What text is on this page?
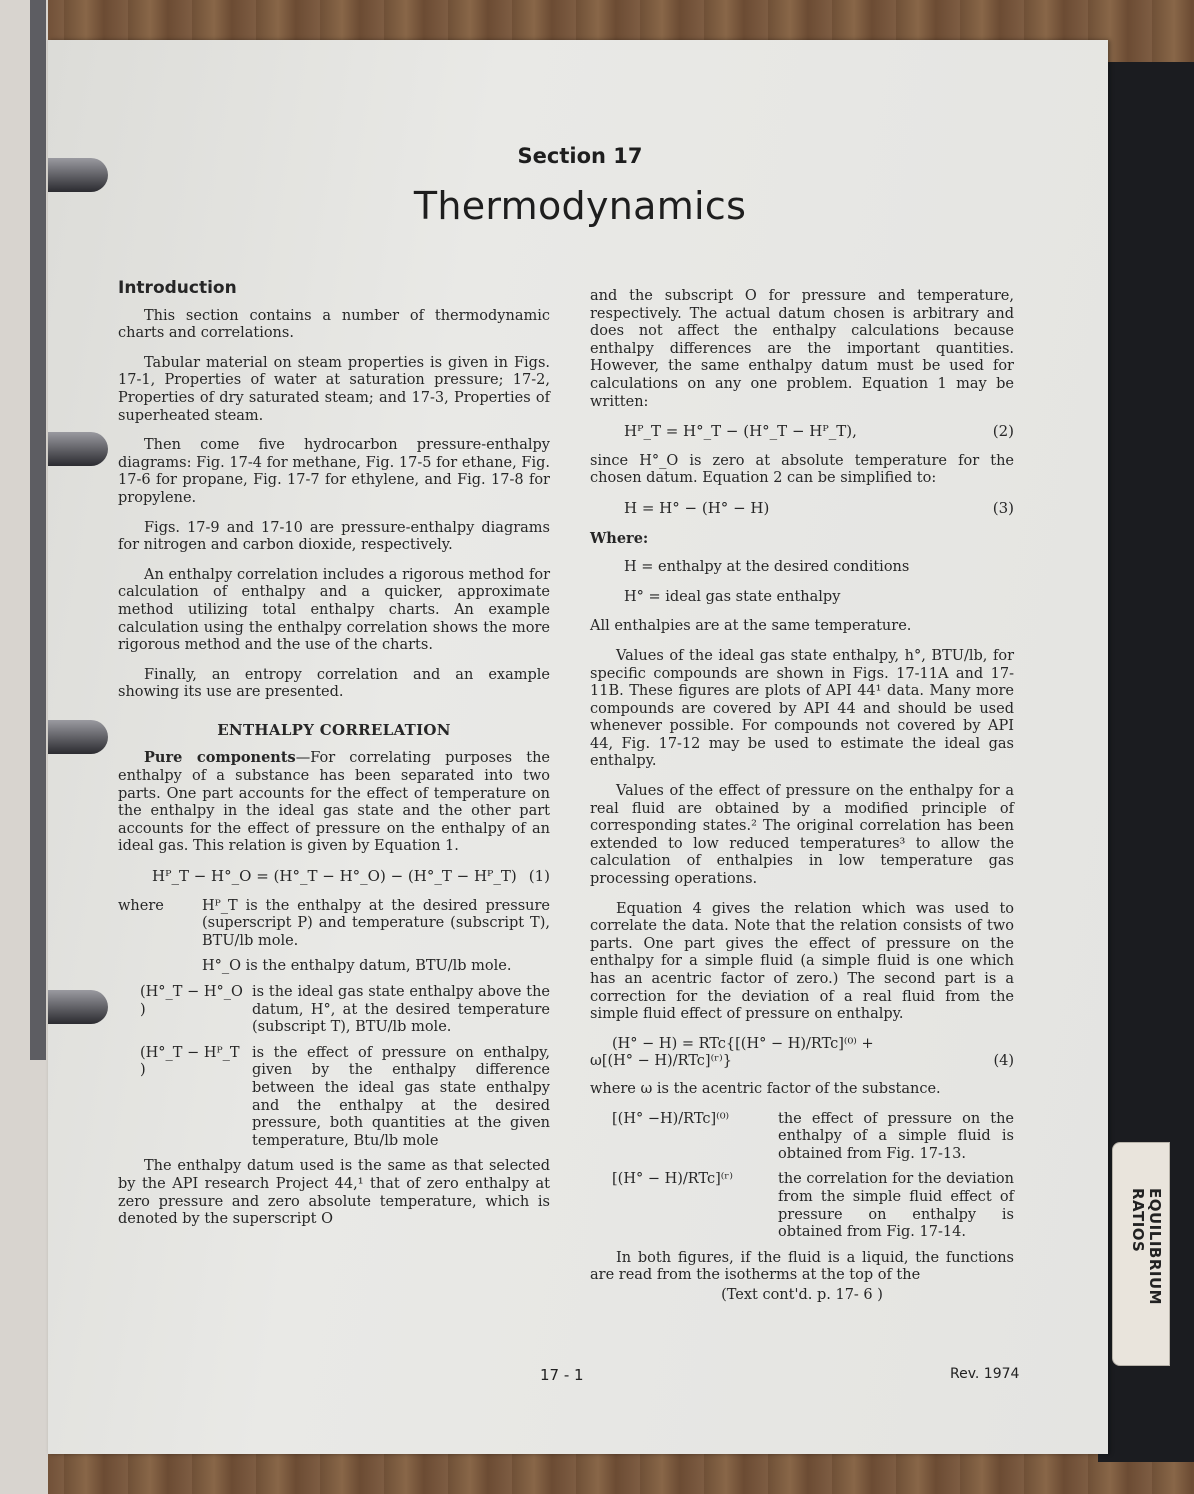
EQUILIBRIUM
RATIOS
Section 17
Thermodynamics
Introduction

This section contains a number of thermodynamic charts and correlations.

Tabular material on steam properties is given in Figs. 17-1, Properties of water at saturation pressure; 17-2, Properties of dry saturated steam; and 17-3, Properties of superheated steam.

Then come five hydrocarbon pressure-enthalpy diagrams: Fig. 17-4 for methane, Fig. 17-5 for ethane, Fig. 17-6 for propane, Fig. 17-7 for ethylene, and Fig. 17-8 for propylene.

Figs. 17-9 and 17-10 are pressure-enthalpy diagrams for nitrogen and carbon dioxide, respectively.

An enthalpy correlation includes a rigorous method for calculation of enthalpy and a quicker, approximate method utilizing total enthalpy charts. An example calculation using the enthalpy correlation shows the more rigorous method and the use of the charts.

Finally, an entropy correlation and an example showing its use are presented.

ENTHALPY CORRELATION

Pure components—For correlating purposes the enthalpy of a substance has been separated into two parts. One part accounts for the effect of temperature on the enthalpy in the ideal gas state and the other part accounts for the effect of pressure on the enthalpy of an ideal gas. This relation is given by Equation 1.

Hᴾ_T − H°_O = (H°_T − H°_O) − (H°_T − Hᴾ_T) (1)
where	Hᴾ_T is the enthalpy at the desired pressure (superscript P) and temperature (subscript T), BTU/lb mole.
H°_O is the enthalpy datum, BTU/lb mole.
(H°_T − H°_O )
is the ideal gas state enthalpy above the datum, H°, at the desired temperature (subscript T), BTU/lb mole.
(H°_T − Hᴾ_T )
is the effect of pressure on enthalpy, given by the enthalpy difference between the ideal gas state enthalpy and the enthalpy at the desired pressure, both quantities at the given temperature, Btu/lb mole

The enthalpy datum used is the same as that selected by the API research Project 44,¹ that of zero enthalpy at zero pressure and zero absolute temperature, which is denoted by the superscript O

and the subscript O for pressure and temperature, respectively. The actual datum chosen is arbitrary and does not affect the enthalpy calculations because enthalpy differences are the important quantities. However, the same enthalpy datum must be used for calculations on any one problem. Equation 1 may be written:

Hᴾ_T = H°_T − (H°_T − Hᴾ_T),	(2)

since H°_O is zero at absolute temperature for the chosen datum. Equation 2 can be simplified to:

H = H° − (H° − H)	(3)

Where:

H = enthalpy at the desired conditions

H° = ideal gas state enthalpy

All enthalpies are at the same temperature.

Values of the ideal gas state enthalpy, h°, BTU/lb, for specific compounds are shown in Figs. 17-11A and 17-11B. These figures are plots of API 44¹ data. Many more compounds are covered by API 44 and should be used whenever possible. For compounds not covered by API 44, Fig. 17-12 may be used to estimate the ideal gas enthalpy.

Values of the effect of pressure on the enthalpy for a real fluid are obtained by a modified principle of corresponding states.² The original correlation has been extended to low reduced temperatures³ to allow the calculation of enthalpies in low temperature gas processing operations.

Equation 4 gives the relation which was used to correlate the data. Note that the relation consists of two parts. One part gives the effect of pressure on the enthalpy for a simple fluid (a simple fluid is one which has an acentric factor of zero.) The second part is a correction for the deviation of a real fluid from the simple fluid effect of pressure on enthalpy.

(H° − H) = RTc{[(H° − H)/RTc]⁽⁰⁾ +
ω[(H° − H)/RTc]⁽ʳ⁾}	(4)

where ω is the acentric factor of the substance.

[(H° −H)/RTc]⁽⁰⁾	the effect of pressure on the enthalpy of a simple fluid is obtained from Fig. 17-13.
[(H° − H)/RTc]⁽ʳ⁾	the correlation for the deviation from the simple fluid effect of pressure on enthalpy is obtained from Fig. 17-14.

In both figures, if the fluid is a liquid, the functions are read from the isotherms at the top of the

(Text cont'd. p. 17- 6 )
17 - 1	Rev. 1974
